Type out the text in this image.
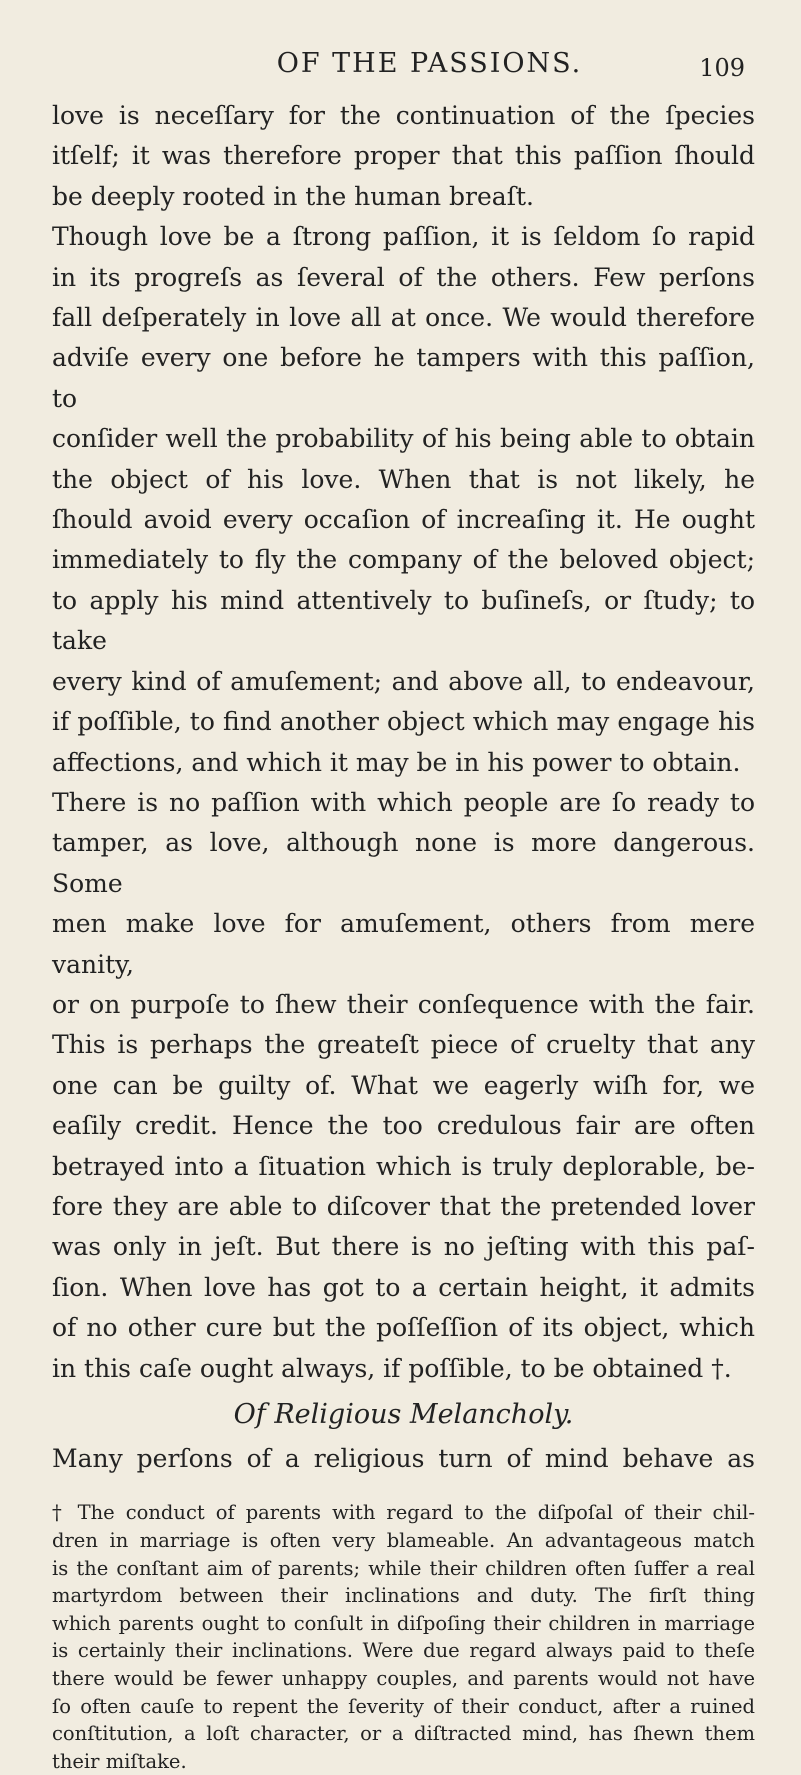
OF THE PASSIONS.	109

love is neceſſary for the continuation of the ſpecies

itſelf; it was therefore proper that this paſſion ſhould

be deeply rooted in the human breaſt.

Though love be a ſtrong paſſion, it is ſeldom ſo rapid

in its progreſs as ſeveral of the others. Few perſons

fall deſperately in love all at once. We would therefore

adviſe every one before he tampers with this paſſion, to

conſider well the probability of his being able to obtain

the object of his love. When that is not likely, he

ſhould avoid every occaſion of increaſing it. He ought

immediately to fly the company of the beloved object;

to apply his mind attentively to buſineſs, or ſtudy; to take

every kind of amuſement; and above all, to endeavour,

if poſſible, to find another object which may engage his

affections, and which it may be in his power to obtain.

There is no paſſion with which people are ſo ready to

tamper, as love, although none is more dangerous. Some

men make love for amuſement, others from mere vanity,

or on purpoſe to ſhew their conſequence with the fair.

This is perhaps the greateſt piece of cruelty that any

one can be guilty of. What we eagerly wiſh for, we

eaſily credit. Hence the too credulous fair are often

betrayed into a ſituation which is truly deplorable, be-

fore they are able to diſcover that the pretended lover

was only in jeſt. But there is no jeſting with this paſ-

ſion. When love has got to a certain height, it admits

of no other cure but the poſſeſſion of its object, which

in this caſe ought always, if poſſible, to be obtained †.

Of Religious Melancholy.

Many perſons of a religious turn of mind behave as

† The conduct of parents with regard to the diſpoſal of their chil-

dren in marriage is often very blameable. An advantageous match

is the conſtant aim of parents; while their children often ſuffer a real

martyrdom between their inclinations and duty. The firſt thing

which parents ought to conſult in diſpoſing their children in marriage

is certainly their inclinations. Were due regard always paid to theſe

there would be fewer unhappy couples, and parents would not have

ſo often cauſe to repent the ſeverity of their conduct, after a ruined

conſtitution, a loſt character, or a diſtracted mind, has ſhewn them

their miſtake.
